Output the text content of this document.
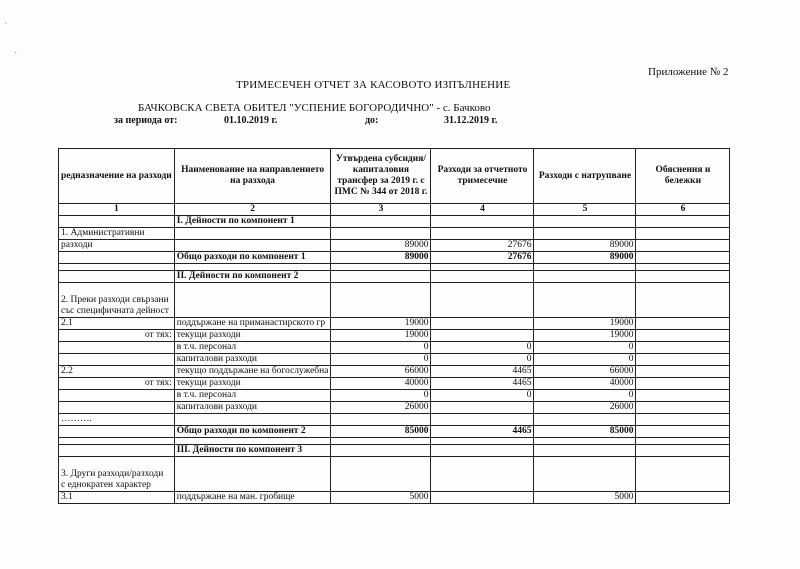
`
·
Приложение № 2
ТРИМЕСЕЧЕН ОТЧЕТ ЗА КАСОВОТО ИЗПЪЛНЕНИЕ
БАЧКОВСКА СВЕТА ОБИТЕЛ "УСПЕНИЕ БОГОРОДИЧНО" - с. Бачково
за периода от:	01.10.2019 г.	до:	31.12.2019 г.
редназначение на разходи	Наименование на направлението на разхода	Утвърдена субсидия/капиталовия трансфер за 2019 г. с ПМС № 344 от 2018 г.	Разходи за отчетното тримесечие	Разходи с натрупване	Обяснения и бележки
1	2	3	4	5	6
	I. Дейности по компонент 1				
1. Административни					
разходи		89000	27676	89000	
	Общо разходи по компонент 1	89000	27676	89000	

	II. Дейности по компонент 2				
2. Преки разходи свързани
със специфичната дейност					
2.1	поддържане на приманастирското гр	19000		19000	
от тях:	текущи разходи	19000		19000	
	в т.ч. персонал	0	0	0	
	капиталови разходи	0	0	0	
2.2	текущо поддържане на богослужебна	66000	4465	66000	
от тях:	текущи разходи	40000	4465	40000	
	в т.ч. персонал	0	0	0	
	капиталови разходи	26000		26000	
……….					
	Общо разходи по компонент 2	85000	4465	85000	

	III. Дейности по компонент 3				
3. Други разходи/разходи
с еднократен характер					
3.1	поддържане на ман. гробище	5000		5000	
